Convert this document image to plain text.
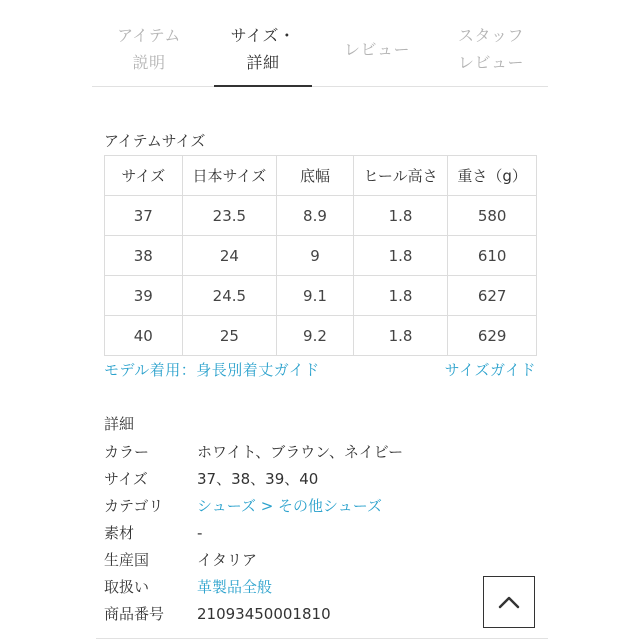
アイテム
説明
サイズ・
詳細
レビュー
スタッフ
レビュー
アイテムサイズ
サイズ	日本サイズ	底幅	ヒール高さ	重さ（g）
37	23.5	8.9	1.8	580
38	24	9	1.8	610
39	24.5	9.1	1.8	627
40	25	9.2	1.8	629
モデル着用：身長別着丈ガイド	サイズガイド
詳細
カラー	ホワイト、ブラウン、ネイビー
サイズ	37、38、39、40
カテゴリ	シューズ > その他シューズ
素材	-
生産国	イタリア
取扱い	革製品全般
商品番号	21093450001810
